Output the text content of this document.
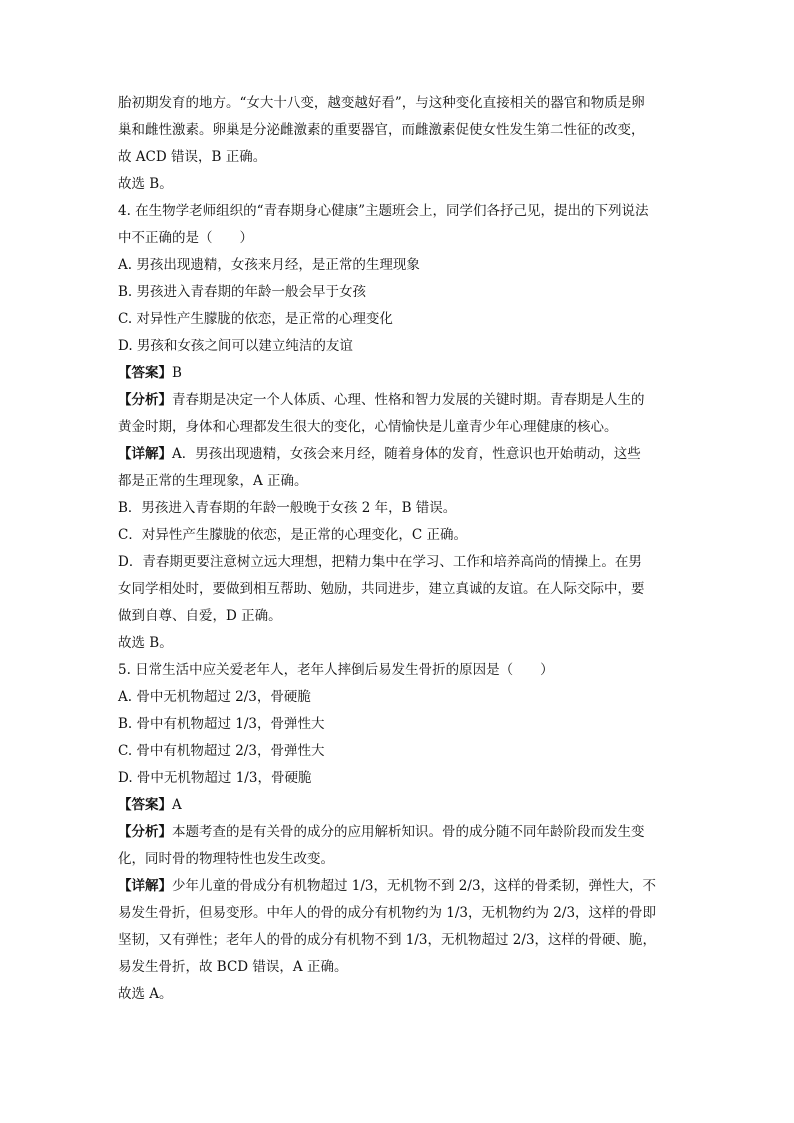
胎初期发育的地方。“女大十八变，越变越好看”，与这种变化直接相关的器官和物质是卵
巢和雌性激素。卵巢是分泌雌激素的重要器官，而雌激素促使女性发生第二性征的改变，
故 ACD 错误，B 正确。
故选 B。
4. 在生物学老师组织的“青春期身心健康”主题班会上，同学们各抒己见，提出的下列说法
中不正确的是（　　）
A. 男孩出现遗精，女孩来月经，是正常的生理现象
B. 男孩进入青春期的年龄一般会早于女孩
C. 对异性产生朦胧的依恋，是正常的心理变化
D. 男孩和女孩之间可以建立纯洁的友谊
【答案】B
【分析】青春期是决定一个人体质、心理、性格和智力发展的关键时期。青春期是人生的
黄金时期，身体和心理都发生很大的变化，心情愉快是儿童青少年心理健康的核心。
【详解】A．男孩出现遗精，女孩会来月经，随着身体的发育，性意识也开始萌动，这些
都是正常的生理现象，A 正确。
B．男孩进入青春期的年龄一般晚于女孩 2 年，B 错误。
C．对异性产生朦胧的依恋，是正常的心理变化，C 正确。
D．青春期更要注意树立远大理想，把精力集中在学习、工作和培养高尚的情操上。在男
女同学相处时，要做到相互帮助、勉励，共同进步，建立真诚的友谊。在人际交际中，要
做到自尊、自爱，D 正确。
故选 B。
5. 日常生活中应关爱老年人，老年人摔倒后易发生骨折的原因是（　　）
A. 骨中无机物超过 2/3，骨硬脆
B. 骨中有机物超过 1/3，骨弹性大
C. 骨中有机物超过 2/3，骨弹性大
D. 骨中无机物超过 1/3，骨硬脆
【答案】A
【分析】本题考查的是有关骨的成分的应用解析知识。骨的成分随不同年龄阶段而发生变
化，同时骨的物理特性也发生改变。
【详解】少年儿童的骨成分有机物超过 1/3，无机物不到 2/3，这样的骨柔韧，弹性大，不
易发生骨折，但易变形。中年人的骨的成分有机物约为 1/3，无机物约为 2/3，这样的骨即
坚韧，又有弹性；老年人的骨的成分有机物不到 1/3，无机物超过 2/3，这样的骨硬、脆，
易发生骨折，故 BCD 错误，A 正确。
故选 A。
